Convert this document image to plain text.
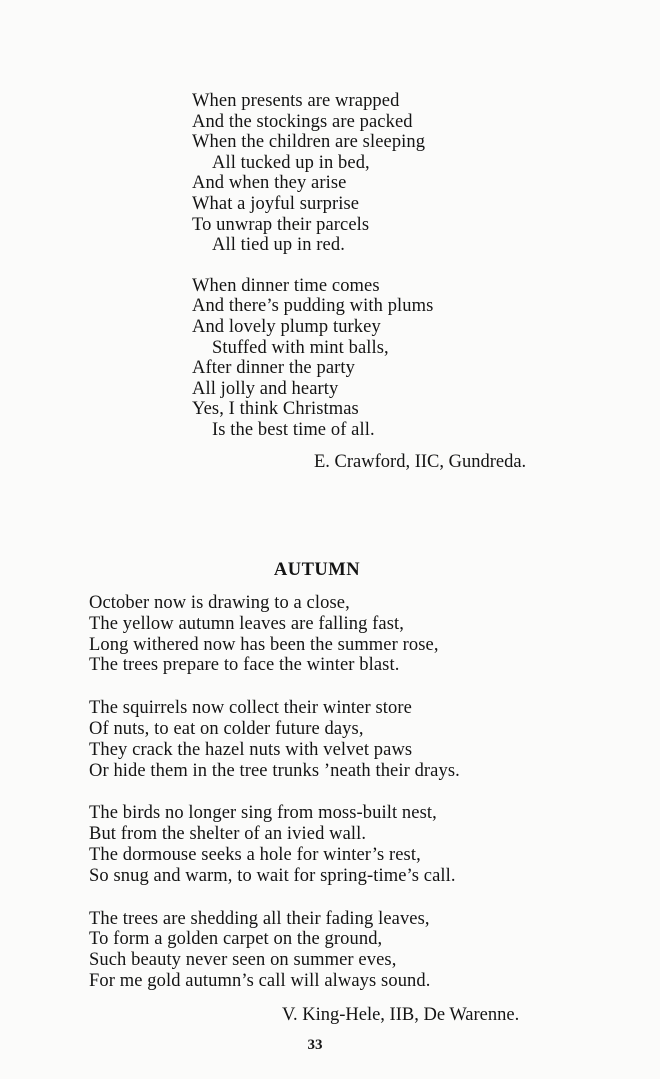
When presents are wrapped
And the stockings are packed
When the children are sleeping
All tucked up in bed,
And when they arise
What a joyful surprise
To unwrap their parcels
All tied up in red.
When dinner time comes
And there’s pudding with plums
And lovely plump turkey
Stuffed with mint balls,
After dinner the party
All jolly and hearty
Yes, I think Christmas
Is the best time of all.
E. Crawford, IIC, Gundreda.
AUTUMN
October now is drawing to a close,
The yellow autumn leaves are falling fast,
Long withered now has been the summer rose,
The trees prepare to face the winter blast.
The squirrels now collect their winter store
Of nuts, to eat on colder future days,
They crack the hazel nuts with velvet paws
Or hide them in the tree trunks ’neath their drays.
The birds no longer sing from moss-built nest,
But from the shelter of an ivied wall.
The dormouse seeks a hole for winter’s rest,
So snug and warm, to wait for spring-time’s call.
The trees are shedding all their fading leaves,
To form a golden carpet on the ground,
Such beauty never seen on summer eves,
For me gold autumn’s call will always sound.
V. King-Hele, IIB, De Warenne.
33
